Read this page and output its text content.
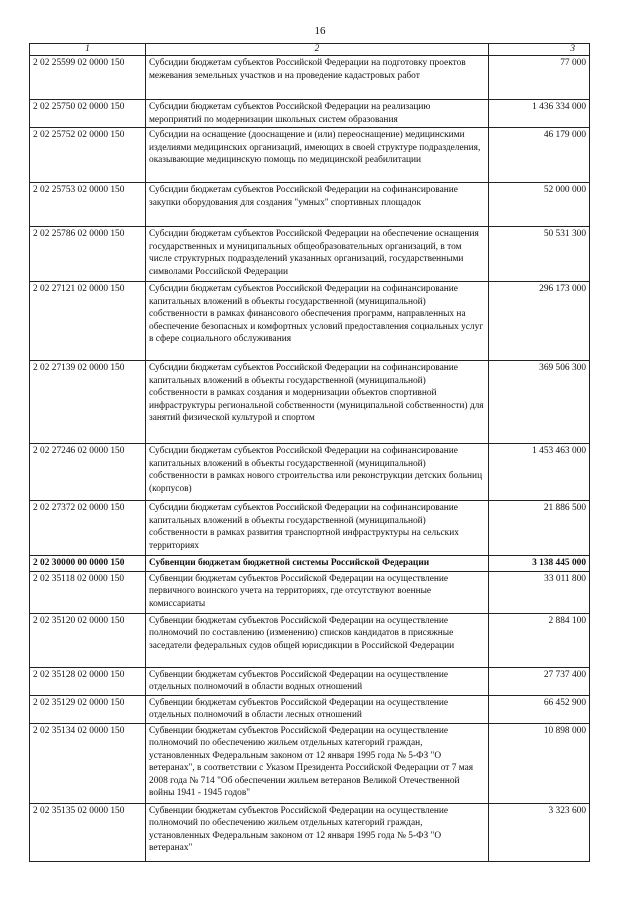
16
1	2	3
2 02 25599 02 0000 150	Субсидии бюджетам субъектов Российской Федерации на подготовку проектов межевания земельных участков и на проведение кадастровых работ	77 000
2 02 25750 02 0000 150	Субсидии бюджетам субъектов Российской Федерации на реализацию мероприятий по модернизации школьных систем образования	1 436 334 000
2 02 25752 02 0000 150	Субсидии на оснащение (дооснащение и (или) переоснащение) медицинскими изделиями медицинских организаций, имеющих в своей структуре подразделения, оказывающие медицинскую помощь по медицинской реабилитации	46 179 000
2 02 25753 02 0000 150	Субсидии бюджетам субъектов Российской Федерации на софинансирование закупки оборудования для создания "умных" спортивных площадок	52 000 000
2 02 25786 02 0000 150	Субсидии бюджетам субъектов Российской Федерации на обеспечение оснащения государственных и муниципальных общеобразовательных организаций, в том числе структурных подразделений указанных организаций, государственными символами Российской Федерации	50 531 300
2 02 27121 02 0000 150	Субсидии бюджетам субъектов Российской Федерации на софинансирование капитальных вложений в объекты государственной (муниципальной) собственности в рамках финансового обеспечения программ, направленных на обеспечение безопасных и комфортных условий предоставления социальных услуг в сфере социального обслуживания	296 173 000
2 02 27139 02 0000 150	Субсидии бюджетам субъектов Российской Федерации на софинансирование капитальных вложений в объекты государственной (муниципальной) собственности в рамках создания и модернизации объектов спортивной инфраструктуры региональной собственности (муниципальной собственности) для занятий физической культурой и спортом	369 506 300
2 02 27246 02 0000 150	Субсидии бюджетам субъектов Российской Федерации на софинансирование капитальных вложений в объекты государственной (муниципальной) собственности в рамках нового строительства или реконструкции детских больниц (корпусов)	1 453 463 000
2 02 27372 02 0000 150	Субсидии бюджетам субъектов Российской Федерации на софинансирование капитальных вложений в объекты государственной (муниципальной) собственности в рамках развития транспортной инфраструктуры на сельских территориях	21 886 500
2 02 30000 00 0000 150	Субвенции бюджетам бюджетной системы Российской Федерации	3 138 445 000
2 02 35118 02 0000 150	Субвенции бюджетам субъектов Российской Федерации на осуществление первичного воинского учета на территориях, где отсутствуют военные комиссариаты	33 011 800
2 02 35120 02 0000 150	Субвенции бюджетам субъектов Российской Федерации на осуществление полномочий по составлению (изменению) списков кандидатов в присяжные заседатели федеральных судов общей юрисдикции в Российской Федерации	2 884 100
2 02 35128 02 0000 150	Субвенции бюджетам субъектов Российской Федерации на осуществление отдельных полномочий в области водных отношений	27 737 400
2 02 35129 02 0000 150	Субвенции бюджетам субъектов Российской Федерации на осуществление отдельных полномочий в области лесных отношений	66 452 900
2 02 35134 02 0000 150	Субвенции бюджетам субъектов Российской Федерации на осуществление полномочий по обеспечению жильем отдельных категорий граждан, установленных Федеральным законом от 12 января 1995 года № 5-ФЗ "О ветеранах", в соответствии с Указом Президента Российской Федерации от 7 мая 2008 года № 714 "Об обеспечении жильем ветеранов Великой Отечественной войны 1941 - 1945 годов"	10 898 000
2 02 35135 02 0000 150	Субвенции бюджетам субъектов Российской Федерации на осуществление полномочий по обеспечению жильем отдельных категорий граждан, установленных Федеральным законом от 12 января 1995 года № 5-ФЗ "О ветеранах"	3 323 600
